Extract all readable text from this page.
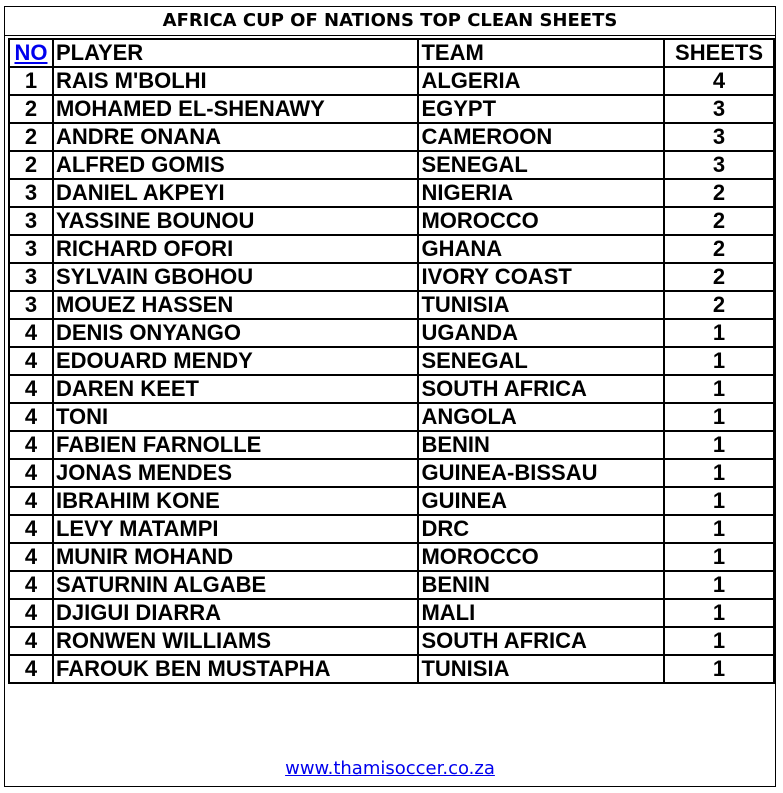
AFRICA CUP OF NATIONS TOP CLEAN SHEETS
NO	PLAYER	TEAM	SHEETS
1	RAIS M'BOLHI	ALGERIA	4
2	MOHAMED EL-SHENAWY	EGYPT	3
2	ANDRE ONANA	CAMEROON	3
2	ALFRED GOMIS	SENEGAL	3
3	DANIEL AKPEYI	NIGERIA	2
3	YASSINE BOUNOU	MOROCCO	2
3	RICHARD OFORI	GHANA	2
3	SYLVAIN GBOHOU	IVORY COAST	2
3	MOUEZ HASSEN	TUNISIA	2
4	DENIS ONYANGO	UGANDA	1
4	EDOUARD MENDY	SENEGAL	1
4	DAREN KEET	SOUTH AFRICA	1
4	TONI	ANGOLA	1
4	FABIEN FARNOLLE	BENIN	1
4	JONAS MENDES	GUINEA-BISSAU	1
4	IBRAHIM KONE	GUINEA	1
4	LEVY MATAMPI	DRC	1
4	MUNIR MOHAND	MOROCCO	1
4	SATURNIN ALGABE	BENIN	1
4	DJIGUI DIARRA	MALI	1
4	RONWEN WILLIAMS	SOUTH AFRICA	1
4	FAROUK BEN MUSTAPHA	TUNISIA	1
www.thamisoccer.co.za
